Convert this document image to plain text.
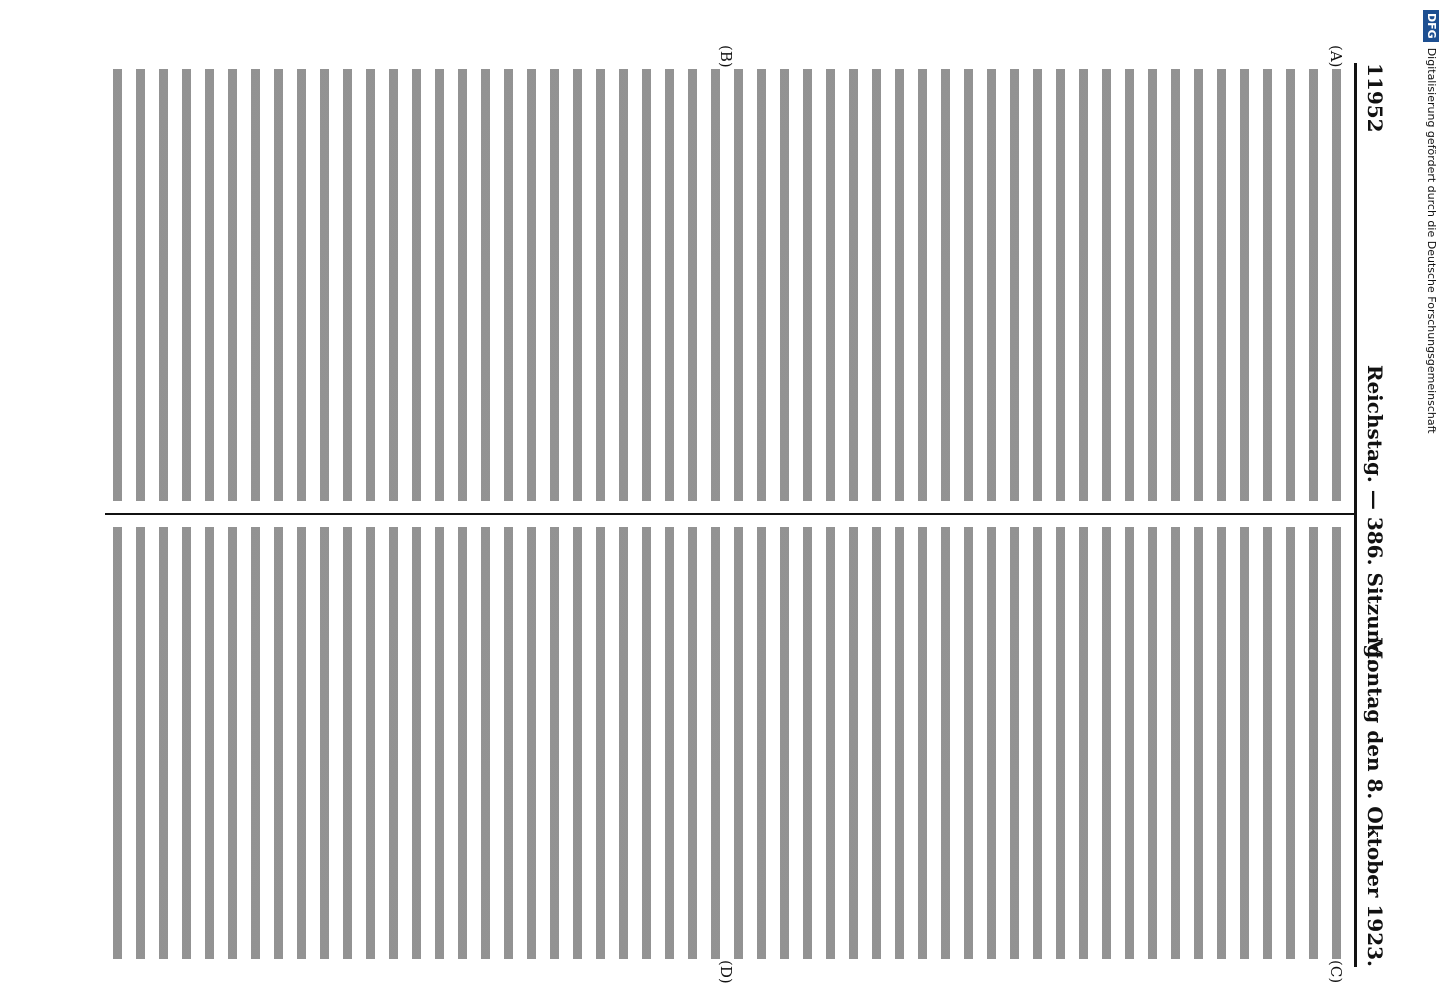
11952
Reichstag. — 386. Sitzung.
Montag den 8. Oktober 1923.
(A)
(B)
(C)
(D)
DFGDigitalisierung gefördert durch die Deutsche Forschungsgemeinschaft
